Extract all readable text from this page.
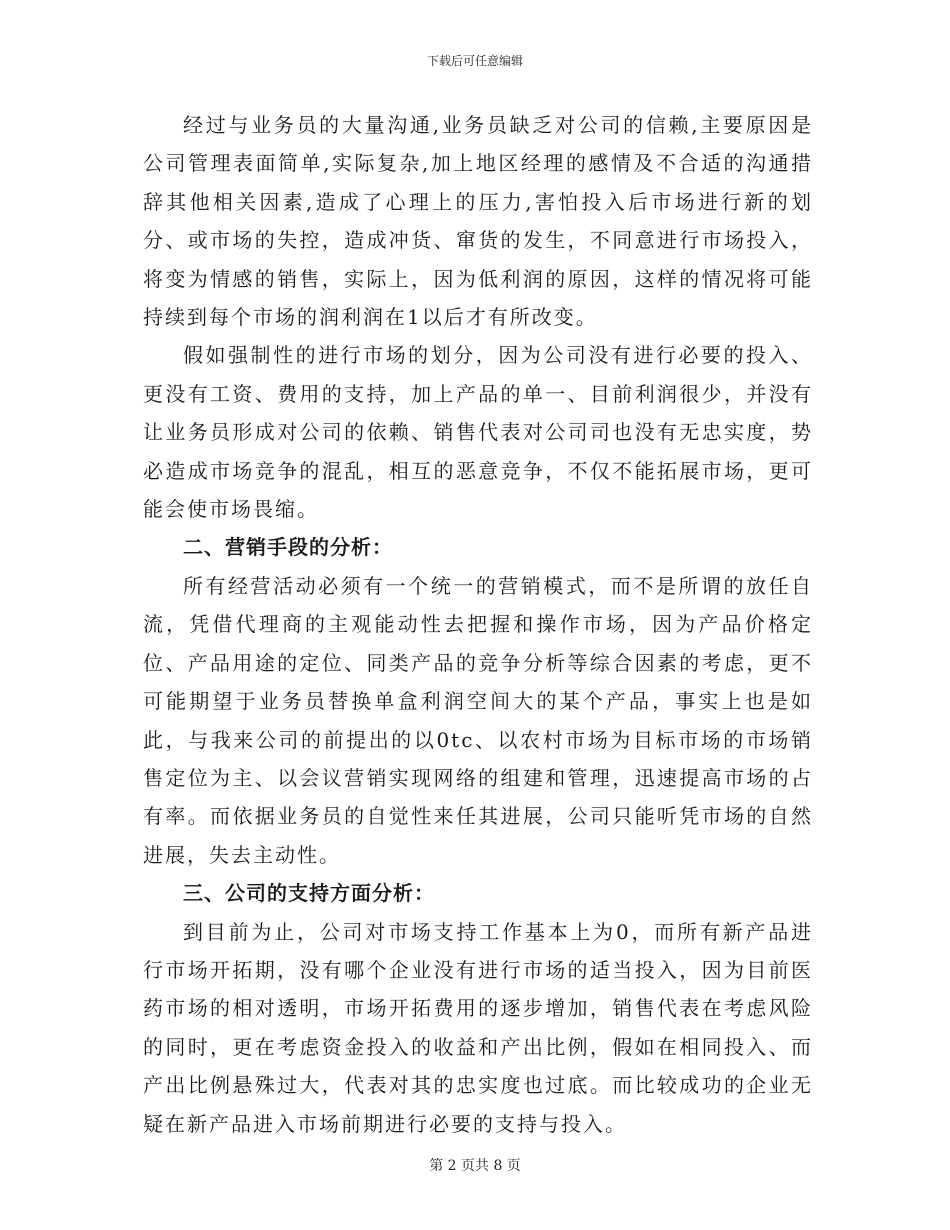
下载后可任意编辑

经过与业务员的大量沟通,业务员缺乏对公司的信赖,主要原因是公司管理表面简单,实际复杂,加上地区经理的感情及不合适的沟通措辞其他相关因素,造成了心理上的压力,害怕投入后市场进行新的划分、或市场的失控，造成冲货、窜货的发生，不同意进行市场投入，将变为情感的销售，实际上，因为低利润的原因，这样的情况将可能持续到每个市场的润利润在1以后才有所改变。

假如强制性的进行市场的划分，因为公司没有进行必要的投入、更没有工资、费用的支持，加上产品的单一、目前利润很少，并没有让业务员形成对公司的依赖、销售代表对公司司也没有无忠实度，势必造成市场竞争的混乱，相互的恶意竞争，不仅不能拓展市场，更可能会使市场畏缩。

二、营销手段的分析：

所有经营活动必须有一个统一的营销模式，而不是所谓的放任自流，凭借代理商的主观能动性去把握和操作市场，因为产品价格定位、产品用途的定位、同类产品的竞争分析等综合因素的考虑，更不可能期望于业务员替换单盒利润空间大的某个产品，事实上也是如此，与我来公司的前提出的以0tc、以农村市场为目标市场的市场销售定位为主、以会议营销实现网络的组建和管理，迅速提高市场的占有率。而依据业务员的自觉性来任其进展，公司只能听凭市场的自然进展，失去主动性。

三、公司的支持方面分析：

到目前为止，公司对市场支持工作基本上为0，而所有新产品进行市场开拓期，没有哪个企业没有进行市场的适当投入，因为目前医药市场的相对透明，市场开拓费用的逐步增加，销售代表在考虑风险的同时，更在考虑资金投入的收益和产出比例，假如在相同投入、而产出比例悬殊过大，代表对其的忠实度也过底。而比较成功的企业无疑在新产品进入市场前期进行必要的支持与投入。

第 2 页共 8 页
